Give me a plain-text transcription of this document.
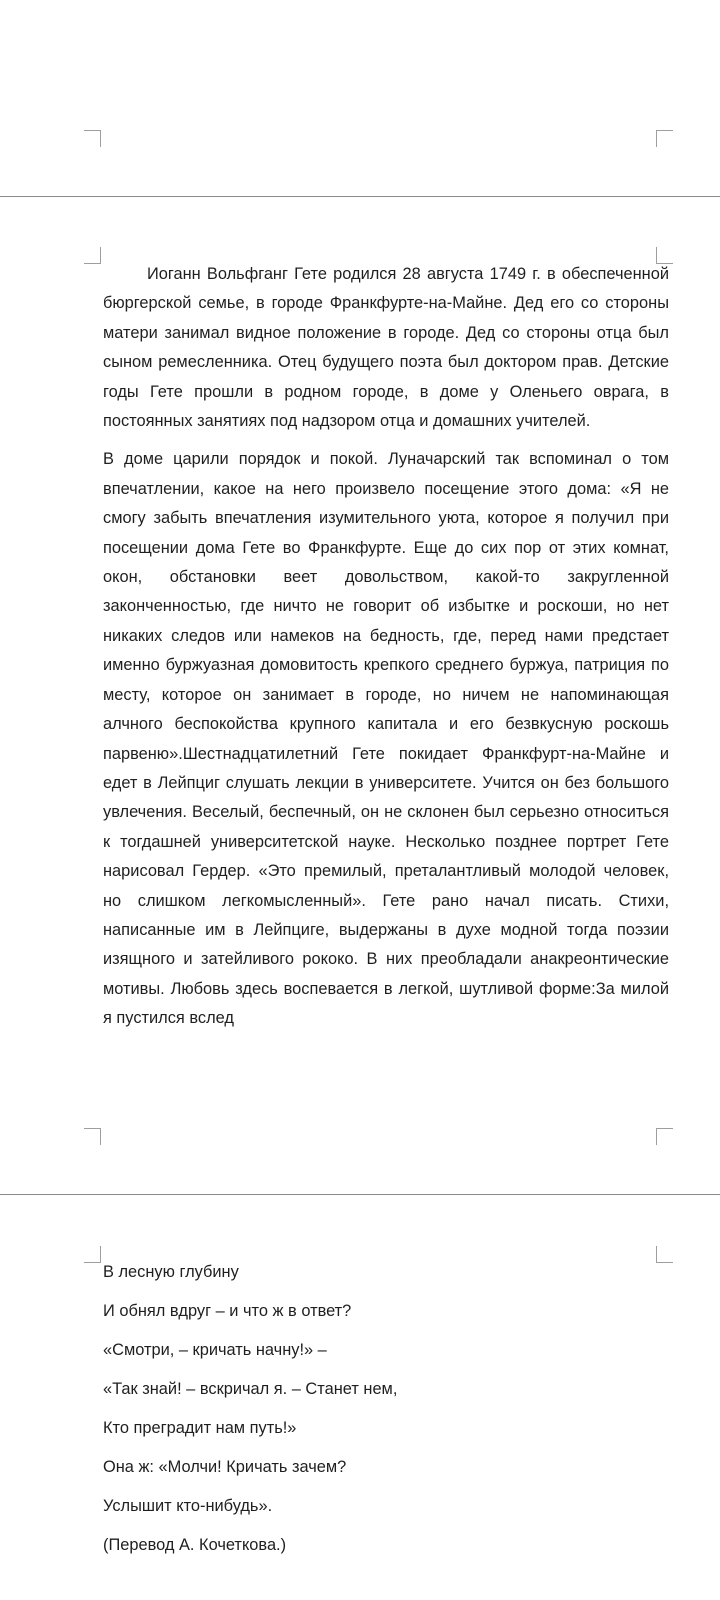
Иоганн Вольфганг Гете родился 28 августа 1749 г. в обеспеченной бюргерской семье, в городе Франкфурте-на-Майне. Дед его со стороны матери занимал видное положение в городе. Дед со стороны отца был сыном ремесленника. Отец будущего поэта был доктором прав. Детские годы Гете прошли в родном городе, в доме у Оленьего оврага, в постоянных занятиях под надзором отца и домашних учителей.

В доме царили порядок и покой. Луначарский так вспоминал о том впечатлении, какое на него произвело посещение этого дома: «Я не смогу забыть впечатления изумительного уюта, которое я получил при посещении дома Гете во Франкфурте. Еще до сих пор от этих комнат, окон, обстановки веет довольством, какой-то закругленной законченностью, где ничто не говорит об избытке и роскоши, но нет никаких следов или намеков на бедность, где, перед нами предстает именно буржуазная домовитость крепкого среднего буржуа, патриция по месту, которое он занимает в городе, но ничем не напоминающая алчного беспокойства крупного капитала и его безвкусную роскошь парвеню».Шестнадцатилетний Гете покидает Франкфурт-на-Майне и едет в Лейпциг слушать лекции в университете. Учится он без большого увлечения. Веселый, беспечный, он не склонен был серьезно относиться к тогдашней университетской науке. Несколько позднее портрет Гете нарисовал Гердер. «Это премилый, преталантливый молодой человек, но слишком легкомысленный». Гете рано начал писать. Стихи, написанные им в Лейпциге, выдержаны в духе модной тогда поэзии изящного и затейливого рококо. В них преобладали анакреонтические мотивы. Любовь здесь воспевается в легкой, шутливой форме:За милой я пустился вслед

В лесную глубину

И обнял вдруг – и что ж в ответ?

«Смотри, – кричать начну!» –

«Так знай! – вскричал я. – Станет нем,

Кто преградит нам путь!»

Она ж: «Молчи! Кричать зачем?

Услышит кто-нибудь».

(Перевод А. Кочеткова.)
